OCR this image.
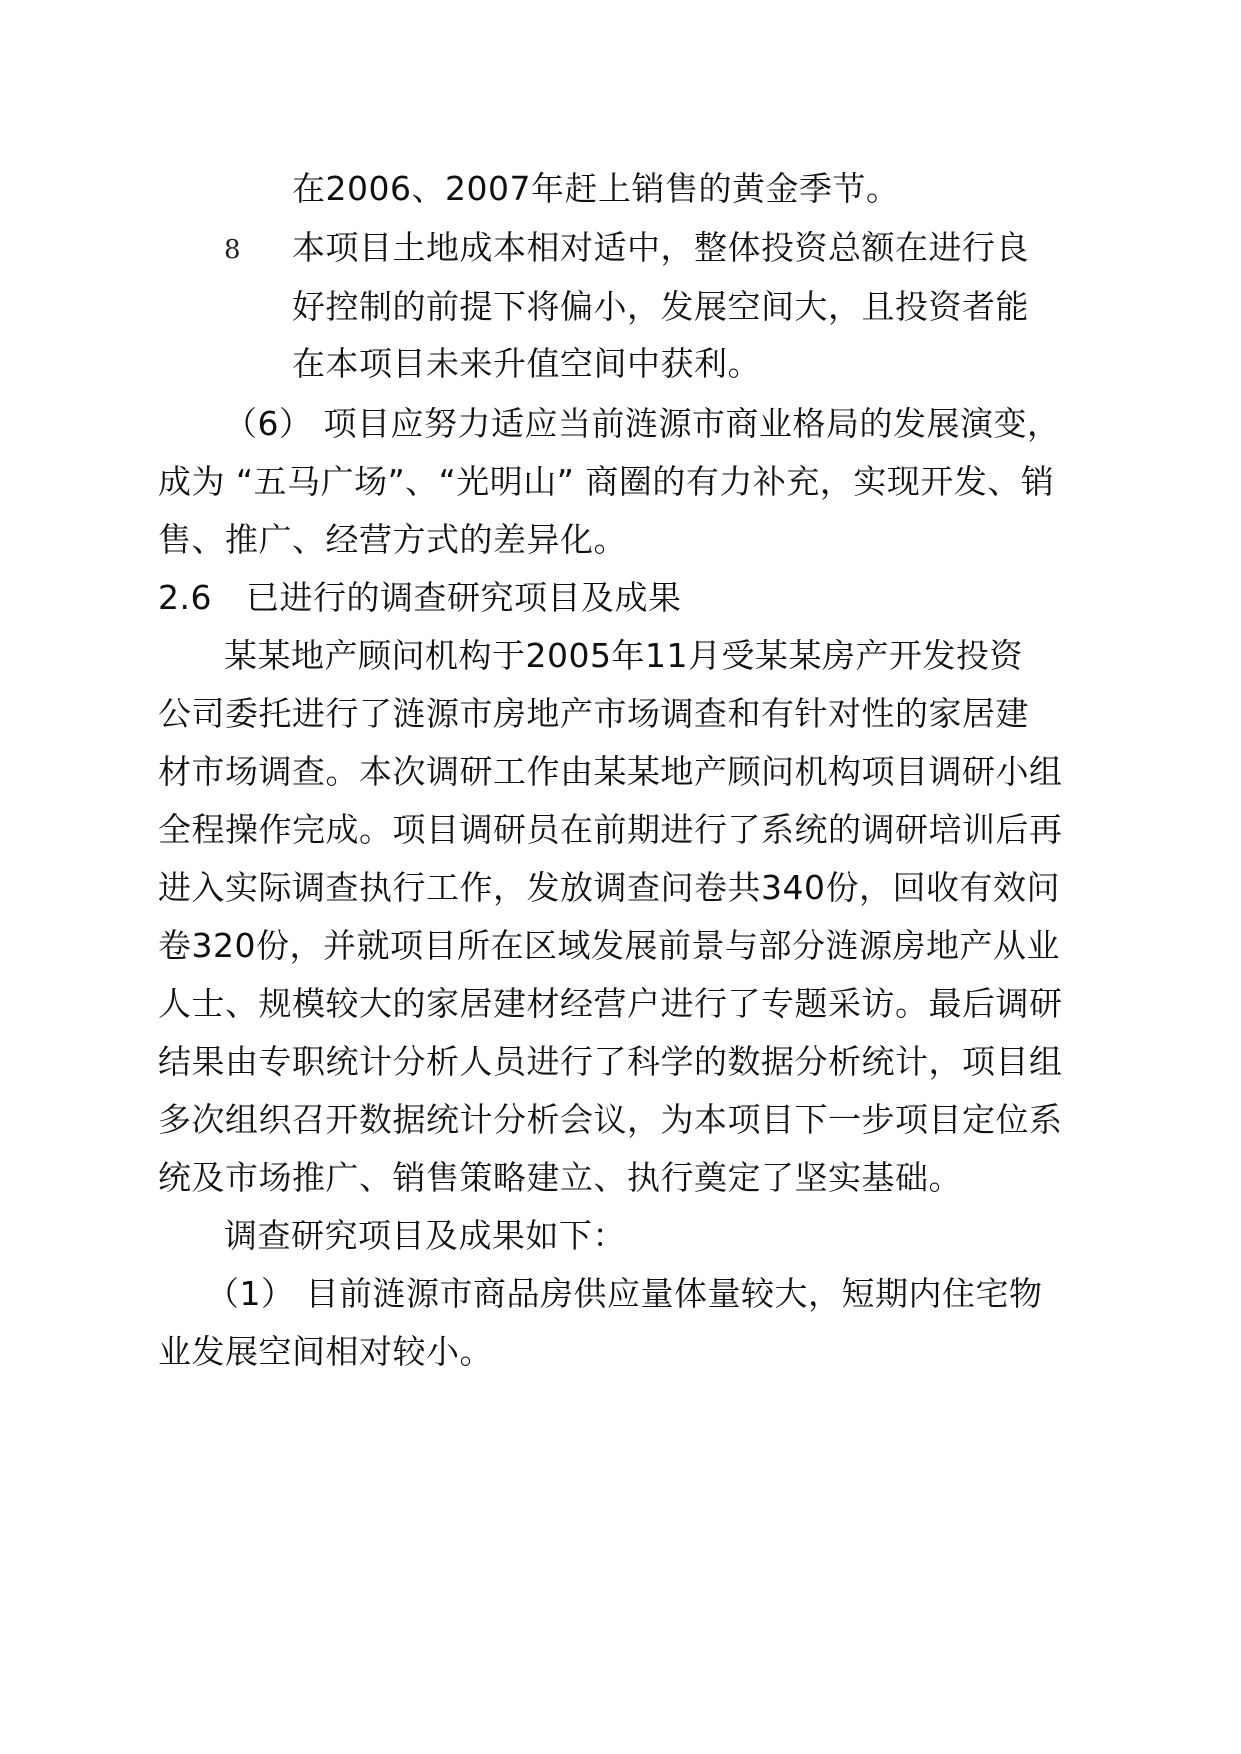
在2006、2007年赶上销售的黄金季节。
8 本项目土地成本相对适中，整体投资总额在进行良
好控制的前提下将偏小，发展空间大，且投资者能
在本项目未来升值空间中获利。
（6） 项目应努力适应当前涟源市商业格局的发展演变，
成为 “五马广场”、“光明山” 商圈的有力补充，实现开发、销
售、推广、经营方式的差异化。
2.6 已进行的调查研究项目及成果
某某地产顾问机构于2005年11月受某某房产开发投资
公司委托进行了涟源市房地产市场调查和有针对性的家居建
材市场调查。本次调研工作由某某地产顾问机构项目调研小组
全程操作完成。项目调研员在前期进行了系统的调研培训后再
进入实际调查执行工作，发放调查问卷共340份，回收有效问
卷320份，并就项目所在区域发展前景与部分涟源房地产从业
人士、规模较大的家居建材经营户进行了专题采访。最后调研
结果由专职统计分析人员进行了科学的数据分析统计，项目组
多次组织召开数据统计分析会议，为本项目下一步项目定位系
统及市场推广、销售策略建立、执行奠定了坚实基础。
调查研究项目及成果如下：
（1） 目前涟源市商品房供应量体量较大，短期内住宅物
业发展空间相对较小。
